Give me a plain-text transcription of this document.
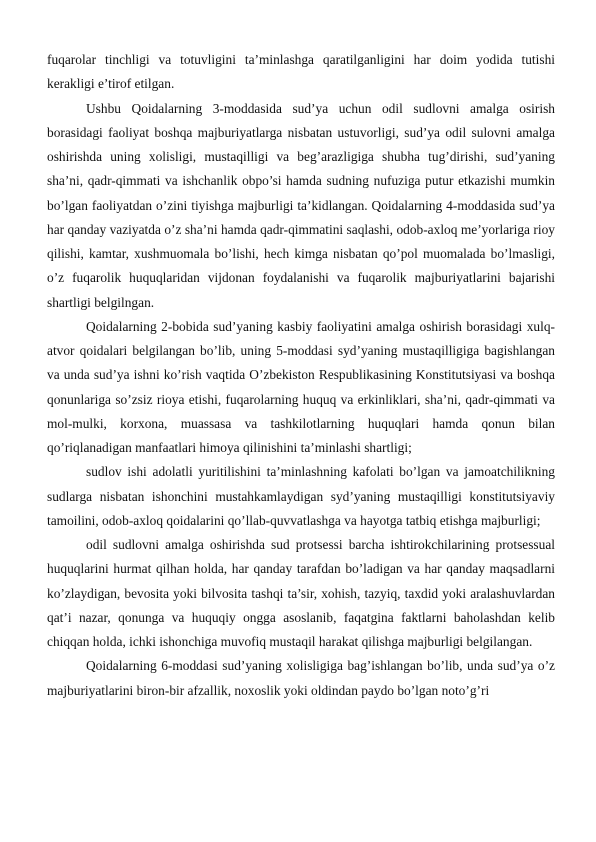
fuqarolar tinchligi va totuvligini ta’minlashga qaratilganligini har doim yodida tutishi kerakligi e’tirof etilgan.

Ushbu Qoidalarning 3-moddasida sud’ya uchun odil sudlovni amalga osirish borasidagi faoliyat boshqa majburiyatlarga nisbatan ustuvorligi, sud’ya odil sulovni amalga oshirishda uning xolisligi, mustaqilligi va beg’arazligiga shubha tug’dirishi, sud’yaning sha’ni, qadr-qimmati va ishchanlik obpo’si hamda sudning nufuziga putur etkazishi mumkin bo’lgan faoliyatdan o’zini tiyishga majburligi ta’kidlangan. Qoidalarning 4-moddasida sud’ya har qanday vaziyatda o’z sha’ni hamda qadr-qimmatini saqlashi, odob-axloq me’yorlariga rioy qilishi, kamtar, xushmuomala bo’lishi, hech kimga nisbatan qo’pol muomalada bo’lmasligi, o’z fuqarolik huquqlaridan vijdonan foydalanishi va fuqarolik majburiyatlarini bajarishi shartligi belgilngan.

Qoidalarning 2-bobida sud’yaning kasbiy faoliyatini amalga oshirish borasidagi xulq-atvor qoidalari belgilangan bo’lib, uning 5-moddasi syd’yaning mustaqilligiga bagishlangan va unda sud’ya ishni ko’rish vaqtida O’zbekiston Respublikasining Konstitutsiyasi va boshqa qonunlariga so’zsiz rioya etishi, fuqarolarning huquq va erkinliklari, sha’ni, qadr-qimmati va mol-mulki, korxona, muassasa va tashkilotlarning huquqlari hamda qonun bilan qo’riqlanadigan manfaatlari himoya qilinishini ta’minlashi shartligi;

sudlov ishi adolatli yuritilishini ta’minlashning kafolati bo’lgan va jamoatchilikning sudlarga nisbatan ishonchini mustahkamlaydigan syd’yaning mustaqilligi konstitutsiyaviy tamoilini, odob-axloq qoidalarini qo’llab-quvvatlashga va hayotga tatbiq etishga majburligi;

odil sudlovni amalga oshirishda sud protsessi barcha ishtirokchilarining protsessual huquqlarini hurmat qilhan holda, har qanday tarafdan bo’ladigan va har qanday maqsadlarni ko’zlaydigan, bevosita yoki bilvosita tashqi ta’sir, xohish, tazyiq, taxdid yoki aralashuvlardan qat’i nazar, qonunga va huquqiy ongga asoslanib, faqatgina faktlarni baholashdan kelib chiqqan holda, ichki ishonchiga muvofiq mustaqil harakat qilishga majburligi belgilangan.

Qoidalarning 6-moddasi sud’yaning xolisligiga bag’ishlangan bo’lib, unda sud’ya o’z majburiyatlarini biron-bir afzallik, noxoslik yoki oldindan paydo bo’lgan noto’g’ri
